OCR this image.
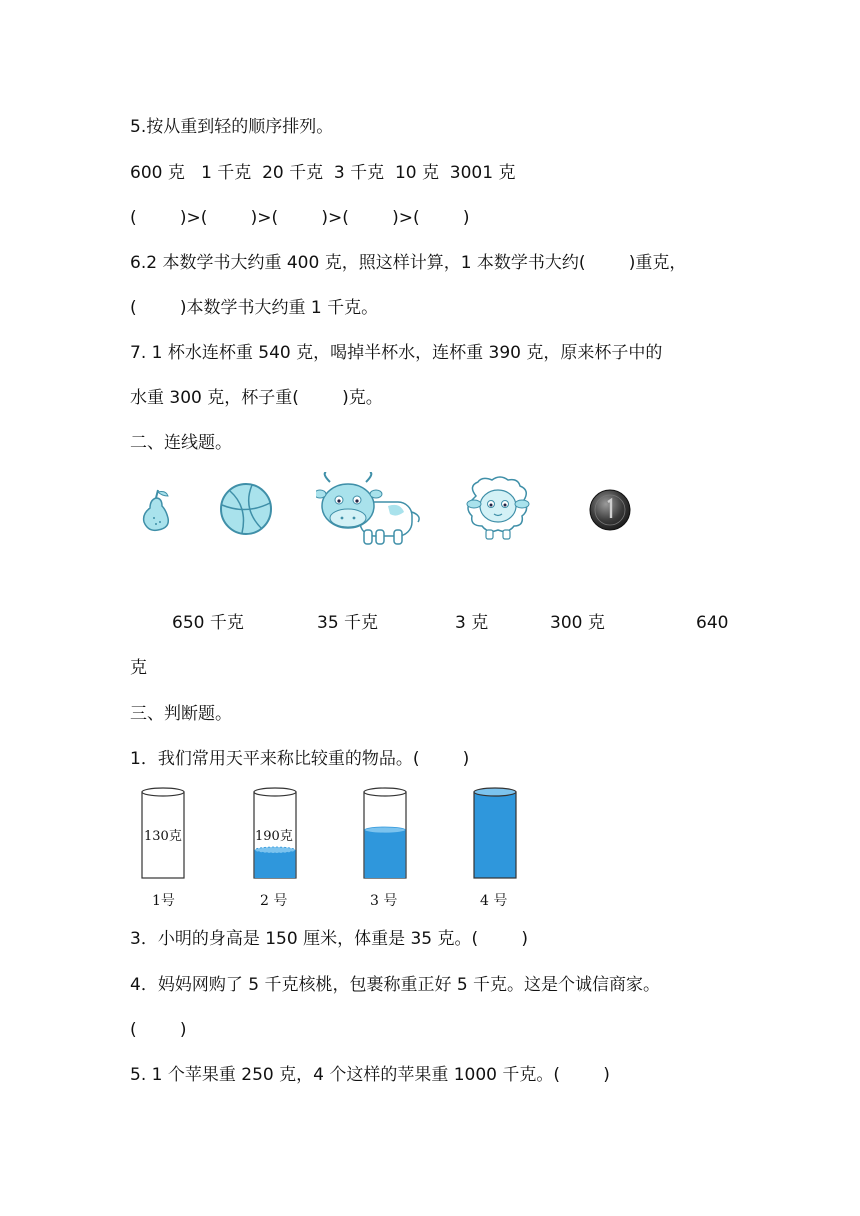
5.按从重到轻的顺序排列。
600 克   1 千克  20 千克  3 千克  10 克  3001 克
(        )>(        )>(        )>(        )>(        )
6.2 本数学书大约重 400 克，照这样计算，1 本数学书大约(        )重克，
(        )本数学书大约重 1 千克。
7. 1 杯水连杯重 540 克，喝掉半杯水，连杯重 390 克，原来杯子中的
水重 300 克，杯子重(        )克。
二、连线题。
650 千克	35 千克	3 克	300 克	640
克
三、判断题。
1．我们常用天平来称比较重的物品。(        )
130克	190克
1号	2 号	3 号	4 号
3．小明的身高是 150 厘米，体重是 35 克。(        )
4．妈妈网购了 5 千克核桃，包裹称重正好 5 千克。这是个诚信商家。
(        )
5. 1 个苹果重 250 克，4 个这样的苹果重 1000 千克。(        )
